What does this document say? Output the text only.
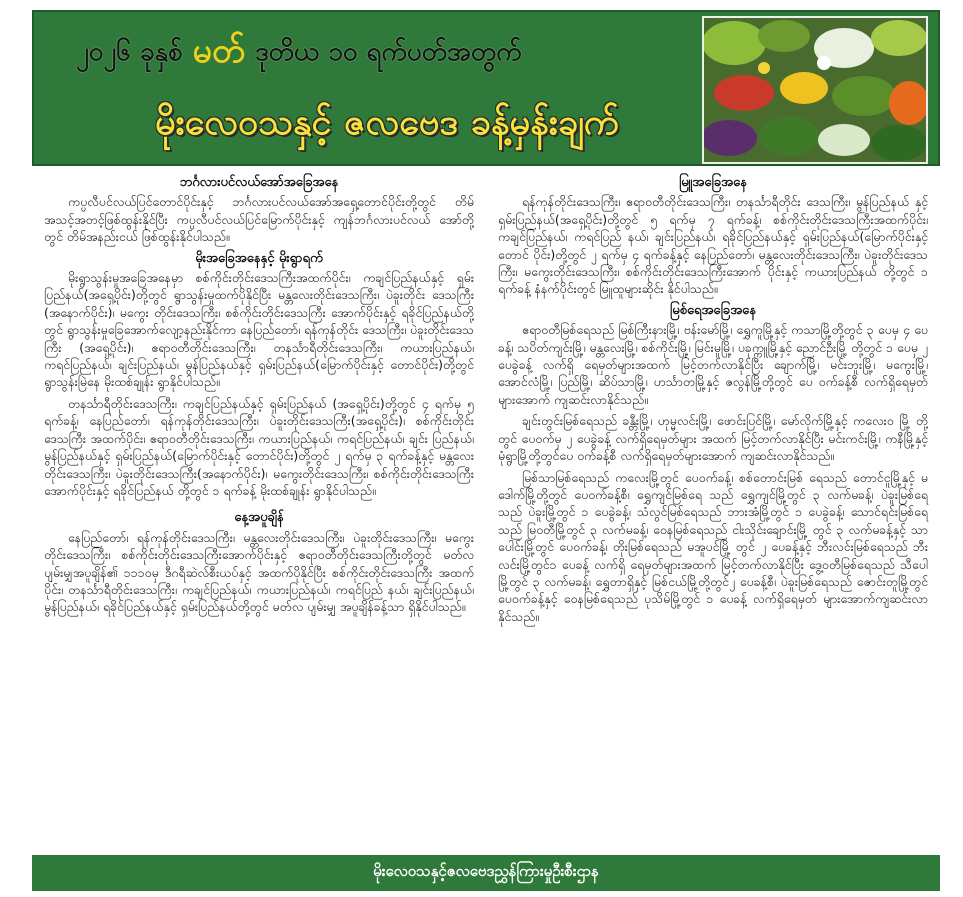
၂၀၂၆ ခုနှစ် မတ် ဒုတိယ ၁၀ ရက်ပတ်အတွက်
မိုးလေဝသနှင့် ဇလဗေဒ ခန့်မှန်းချက်
ဘင်္ဂလားပင်လယ်အော်အခြေအနေ

ကပ္ပလီပင်လယ်ပြင်တောင်ပိုင်းနှင့် ဘင်္ဂလားပင်လယ်အော်အရှေ့တောင်ပိုင်းတို့တွင် တိမ်အသင့်အတင့်ဖြစ်ထွန်းနိုင်ပြီး ကပ္ပလီပင်လယ်ပြင်မြောက်ပိုင်းနှင့် ကျန်ဘင်္ဂလားပင်လယ် အော်တို့တွင် တိမ်အနည်းငယ် ဖြစ်ထွန်းနိုင်ပါသည်။

မိုးအခြေအနေနှင့် မိုးရွာရက်

မိုးရွာသွန်းမှုအခြေအနေမှာ စစ်ကိုင်းတိုင်းဒေသကြီးအထက်ပိုင်း၊ ကချင်ပြည်နယ်နှင့် ရှမ်း ပြည်နယ်(အရှေ့ပိုင်း)တို့တွင် ရွာသွန်းမှုထက်ပိုနိုင်ပြီး မန္တလေးတိုင်းဒေသကြီး၊ ပဲခူးတိုင်း ဒေသကြီး (အနောက်ပိုင်း)၊ မကွေး တိုင်းဒေသကြီး၊ စစ်ကိုင်းတိုင်းဒေသကြီး အောက်ပိုင်းနှင့် ရခိုင်ပြည်နယ်တို့ တွင် ရွာသွန်းမှုခြေအောက်လျော့နည်းနိုင်ကာ နေပြည်တော်၊ ရန်ကုန်တိုင်း ဒေသကြီး၊ ပဲခူးတိုင်းဒေသကြီး (အရှေ့ပိုင်း)၊ ဧရာဝတီတိုင်းဒေသကြီး၊ တနင်္သာရီတိုင်းဒေသကြီး၊ ကယားပြည်နယ်၊ ကရင်ပြည်နယ်၊ ချင်းပြည်နယ်၊ မွန်ပြည်နယ်နှင့် ရှမ်းပြည်နယ်(မြောက်ပိုင်းနှင့် တောင်ပိုင်း)တို့တွင် ရွာသွန်းမြဲနေ မိုးထစ်ချုန်း ရွာနိုင်ပါသည်။

တနင်္သာရီတိုင်းဒေသကြီး၊ ကချင်ပြည်နယ်နှင့် ရှမ်းပြည်နယ် (အရှေ့ပိုင်း)တို့တွင် ၄ ရက်မှ ၅ ရက်ခန့်၊ နေပြည်တော်၊ ရန်ကုန်တိုင်းဒေသကြီး၊ ပဲခူးတိုင်းဒေသကြီး(အရှေ့ပိုင်း)၊ စစ်ကိုင်းတိုင်း ဒေသကြီး အထက်ပိုင်း၊ ဧရာဝတီတိုင်းဒေသကြီး၊ ကယားပြည်နယ်၊ ကရင်ပြည်နယ်၊ ချင်း ပြည်နယ်၊ မွန်ပြည်နယ်နှင့် ရှမ်းပြည်နယ်(မြောက်ပိုင်းနှင့် တောင်ပိုင်း)တို့တွင် ၂ ရက်မှ ၃ ရက်ခန့်နှင့် မန္တလေး တိုင်းဒေသကြီး၊ ပဲခူးတိုင်းဒေသကြီး(အနောက်ပိုင်း)၊ မကွေးတိုင်းဒေသကြီး၊ စစ်ကိုင်းတိုင်းဒေသကြီးအောက်ပိုင်းနှင့် ရခိုင်ပြည်နယ် တို့တွင် ၁ ရက်ခန့် မိုးထစ်ချုန်း ရွာနိုင်ပါသည်။

နေ့အပူချိန်

နေပြည်တော်၊ ရန်ကုန်တိုင်းဒေသကြီး၊ မန္တလေးတိုင်းဒေသကြီး၊ ပဲခူးတိုင်းဒေသကြီး၊ မကွေး တိုင်းဒေသကြီး၊ စစ်ကိုင်းတိုင်းဒေသကြီးအောက်ပိုင်းနှင့် ဧရာဝတီတိုင်းဒေသကြီးတို့တွင် မတ်လ ပျမ်းမျှအပူချိန်၏ ၁၁၁၀မှ ဒီဂရီဆဲလ်စီးယပ်နှင့် အထက်ပိုနိုင်ပြီး စစ်ကိုင်းတိုင်းဒေသကြီး အထက်ပိုင်း၊ တနင်္သာရီတိုင်းဒေသကြီး၊ ကချင်ပြည်နယ်၊ ကယားပြည်နယ်၊ ကရင်ပြည် နယ်၊ ချင်းပြည်နယ်၊ မွန်ပြည်နယ်၊ ရခိုင်ပြည်နယ်နှင့် ရှမ်းပြည်နယ်တို့တွင် မတ်လ ပျမ်းမျှ အပူချိန်ခန့်သာ ရှိနိုင်ပါသည်။

မြူအခြေအနေ

ရန်ကုန်တိုင်းဒေသကြီး၊ ဧရာဝတီတိုင်းဒေသကြီး၊ တနင်္သာရီတိုင်း ဒေသကြီး၊ မွန်ပြည်နယ် နှင့် ရှမ်းပြည်နယ်(အရှေ့ပိုင်း)တို့တွင် ၅ ရက်မှ ၇ ရက်ခန့်၊ စစ်ကိုင်းတိုင်းဒေသကြီးအထက်ပိုင်း၊ ကချင်ပြည်နယ်၊ ကရင်ပြည် နယ်၊ ချင်းပြည်နယ်၊ ရခိုင်ပြည်နယ်နှင့် ရှမ်းပြည်နယ်(မြောက်ပိုင်းနှင့် တောင် ပိုင်း)တို့တွင် ၂ ရက်မှ ၄ ရက်ခန့်နှင့် နေပြည်တော်၊ မန္တလေးတိုင်းဒေသကြီး၊ ပဲခူးတိုင်းဒေသကြီး၊ မကွေးတိုင်းဒေသကြီး၊ စစ်ကိုင်းတိုင်းဒေသကြီးအောက် ပိုင်းနှင့် ကယားပြည်နယ် တို့တွင် ၁ ရက်ခန့် နံနက်ပိုင်းတွင် မြူထူများဆိုင်း နိုင်ပါသည်။

မြစ်ရေအခြေအနေ

ဧရာဝတီမြစ်ရေသည် မြစ်ကြီးနားမြို့၊ ဗန်းမော်မြို့၊ ရွှေကူမြို့နှင့် ကသာမြို့တို့တွင် ၃ ပေမှ ၄ ပေခန့်၊ သပိတ်ကျင်းမြို့၊ မန္တလေးမြို့၊ စစ်ကိုင်းမြို့၊ မြင်းမူမြို့၊ ပခုက္ကူမြို့နှင့် ညောင်ဦးမြို့ တို့တွင် ၁ ပေမှ ၂ ပေခွဲခန့် လက်ရှိ ရေမှတ်များအထက် မြင့်တက်လာနိုင်ပြီး ချောက်မြို့၊ မင်းဘူးမြို့၊ မကွေးမြို့၊ အောင်လံမြို့၊ ပြည်မြို့၊ ဆိပ်သာမြို့၊ ဟင်္သာတမြို့နှင့် ဇလွန်မြို့တို့တွင် ပေ ဝက်ခန့်စီ လက်ရှိရေမှတ် များအောက် ကျဆင်းလာနိုင်သည်။

ချင်းတွင်းမြစ်ရေသည် ခန္တီးမြို့၊ ဟုမ္မလင်းမြို့၊ ဖောင်းပြင်မြို့၊ မော်လိုက်မြို့နှင့် ကလေးဝ မြို့ တို့တွင် ပေဝက်မှ ၂ ပေခွဲခန့် လက်ရှိရေမှတ်များ အထက် မြင့်တက်လာနိုင်ပြီး မင်းကင်းမြို့၊ ကနီမြို့နှင့် မုံရွာမြို့တို့တွင်ပေ ဝက်ခန့်စီ လက်ရှိရေမှတ်များအောက် ကျဆင်းလာနိုင်သည်။

မြစ်သာမြစ်ရေသည် ကလေးမြို့တွင် ပေဝက်ခန့်၊ စစ်တောင်းမြစ် ရေသည် တောင်ငူမြို့နှင့် မဒေါက်မြို့တို့တွင် ပေဝက်ခန့်စီ၊ ရွှေကျင်မြစ်ရေ သည် ရွှေကျင်မြို့တွင် ၃ လက်မခန့်၊ ပဲခူးမြစ်ရေ သည် ပဲခူးမြို့တွင် ၁ ပေခွဲခန့်၊ သံလွင်မြစ်ရေသည် ဘားအံမြို့တွင် ၁ ပေခွဲခန့်၊ သောင်ရင်းမြစ်ရေ သည် မြဝတီမြို့တွင် ၃ လက်မခန့်၊ ဝေနမြစ်ရေသည် ငါးသိုင်းချောင်းမြို့ တွင် ၃ လက်မခန့်နှင့် သာပေါင်းမြို့တွင် ပေဝက်ခန့်၊ တိုးမြစ်ရေသည် မအူပင်မြို့ တွင် ၂ ပေခန့်နှင့် ဘီးလင်းမြစ်ရေသည် ဘီးလင်းမြို့တွင်၁ ပေခန့် လက်ရှိ ရေမှတ်များအထက် မြင့်တက်လာနိုင်ပြီး ဒွေ့ဝတီမြစ်ရေသည် သီပေါမြို့တွင် ၃ လက်မခန့်၊ ရွှေတာရှိနှင့် မြစ်ငယ်မြို့တို့တွင်၂ ပေခန့်စီ၊ ပဲခူးမြစ်ရေသည် ဇောင်းတူမြို့တွင် ပေဝက်ခန့်နှင့် ဝေနမြစ်ရေသည် ပုသိမ်မြို့တွင် ၁ ပေခန့် လက်ရှိရေမှတ် များအောက်ကျဆင်းလာနိုင်သည်။

မိုးလေဝသနှင့်ဇလဗေဒညွှန်ကြားမှုဦးစီးဌာန
